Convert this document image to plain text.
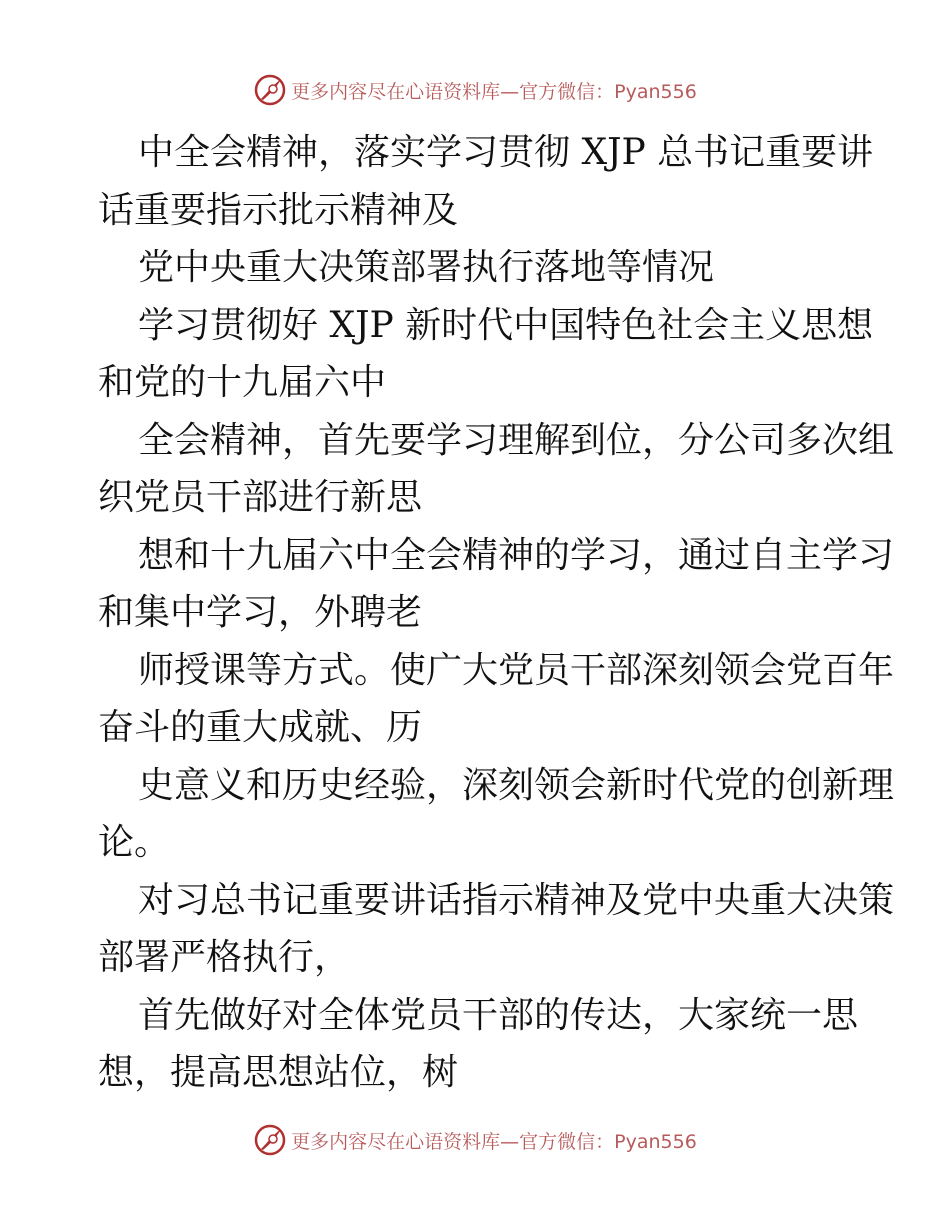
更多内容尽在心语资料库—官方微信：Pyan556
中全会精神，落实学习贯彻 XJP 总书记重要讲
话重要指示批示精神及
党中央重大决策部署执行落地等情况
学习贯彻好 XJP 新时代中国特色社会主义思想
和党的十九届六中
全会精神，首先要学习理解到位，分公司多次组
织党员干部进行新思
想和十九届六中全会精神的学习，通过自主学习
和集中学习，外聘老
师授课等方式。使广大党员干部深刻领会党百年
奋斗的重大成就、历
史意义和历史经验，深刻领会新时代党的创新理
论。
对习总书记重要讲话指示精神及党中央重大决策
部署严格执行，
首先做好对全体党员干部的传达，大家统一思
想，提高思想站位，树
更多内容尽在心语资料库—官方微信：Pyan556
